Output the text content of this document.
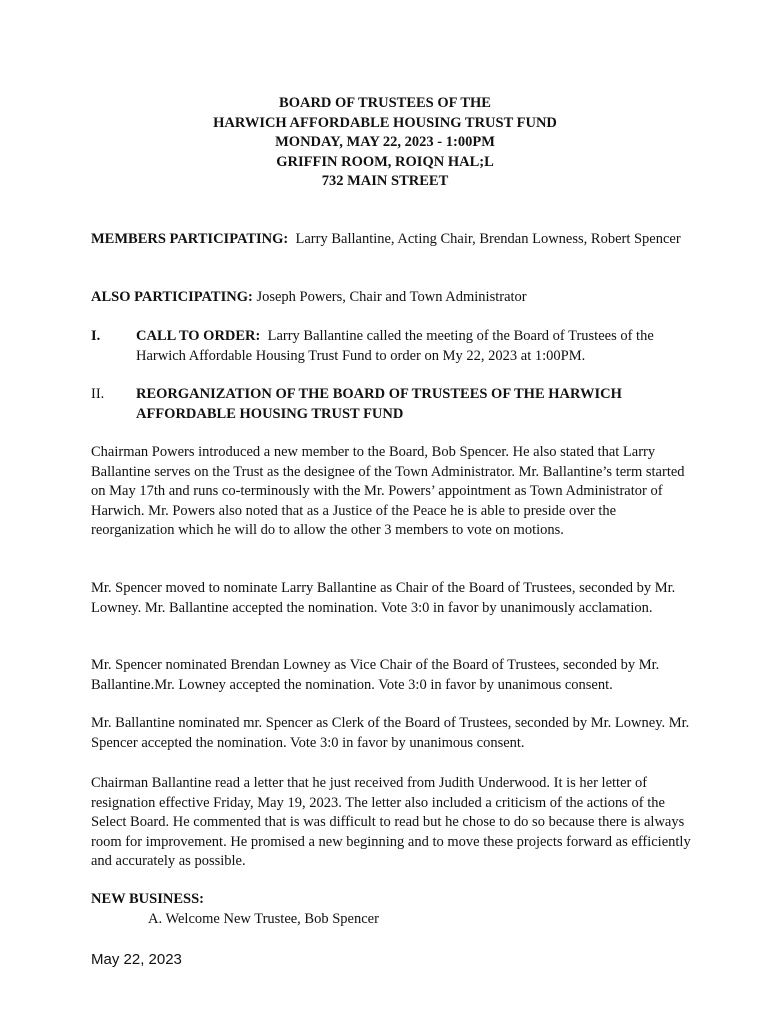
BOARD OF TRUSTEES OF THE
HARWICH AFFORDABLE HOUSING TRUST FUND
MONDAY, MAY 22, 2023 - 1:00PM
GRIFFIN ROOM, ROIQN HAL;L
732 MAIN STREET
MEMBERS PARTICIPATING:  Larry Ballantine, Acting Chair, Brendan Lowness, Robert Spencer
ALSO PARTICIPATING: Joseph Powers, Chair and Town Administrator
I. CALL TO ORDER:  Larry Ballantine called the meeting of the Board of Trustees of the Harwich Affordable Housing Trust Fund to order on My 22, 2023 at 1:00PM.
II. REORGANIZATION OF THE BOARD OF TRUSTEES OF THE HARWICH AFFORDABLE HOUSING TRUST FUND
Chairman Powers introduced a new member to the Board, Bob Spencer. He also stated that Larry Ballantine serves on the Trust as the designee of the Town Administrator. Mr. Ballantine’s term started on May 17th and runs co-terminously with the Mr. Powers’ appointment as Town Administrator of Harwich. Mr. Powers also noted that as a Justice of the Peace he is able to preside over the reorganization which he will do to allow the other 3 members to vote on motions.
Mr. Spencer moved to nominate Larry Ballantine as Chair of the Board of Trustees, seconded by Mr. Lowney. Mr. Ballantine accepted the nomination. Vote 3:0 in favor by unanimously acclamation.
Mr. Spencer nominated Brendan Lowney as Vice Chair of the Board of Trustees, seconded by Mr. Ballantine.Mr. Lowney accepted the nomination. Vote 3:0 in favor by unanimous consent.
Mr. Ballantine nominated mr. Spencer as Clerk of the Board of Trustees, seconded by Mr. Lowney. Mr. Spencer accepted the nomination. Vote 3:0 in favor by unanimous consent.
Chairman Ballantine read a letter that he just received from Judith Underwood. It is her letter of resignation effective Friday, May 19, 2023. The letter also included a criticism of the actions of the Select Board. He commented that is was difficult to read but he chose to do so because there is always room for improvement. He promised a new beginning and to move these projects forward as efficiently and accurately as possible.
NEW BUSINESS:
A. Welcome New Trustee, Bob Spencer
May 22, 2023
